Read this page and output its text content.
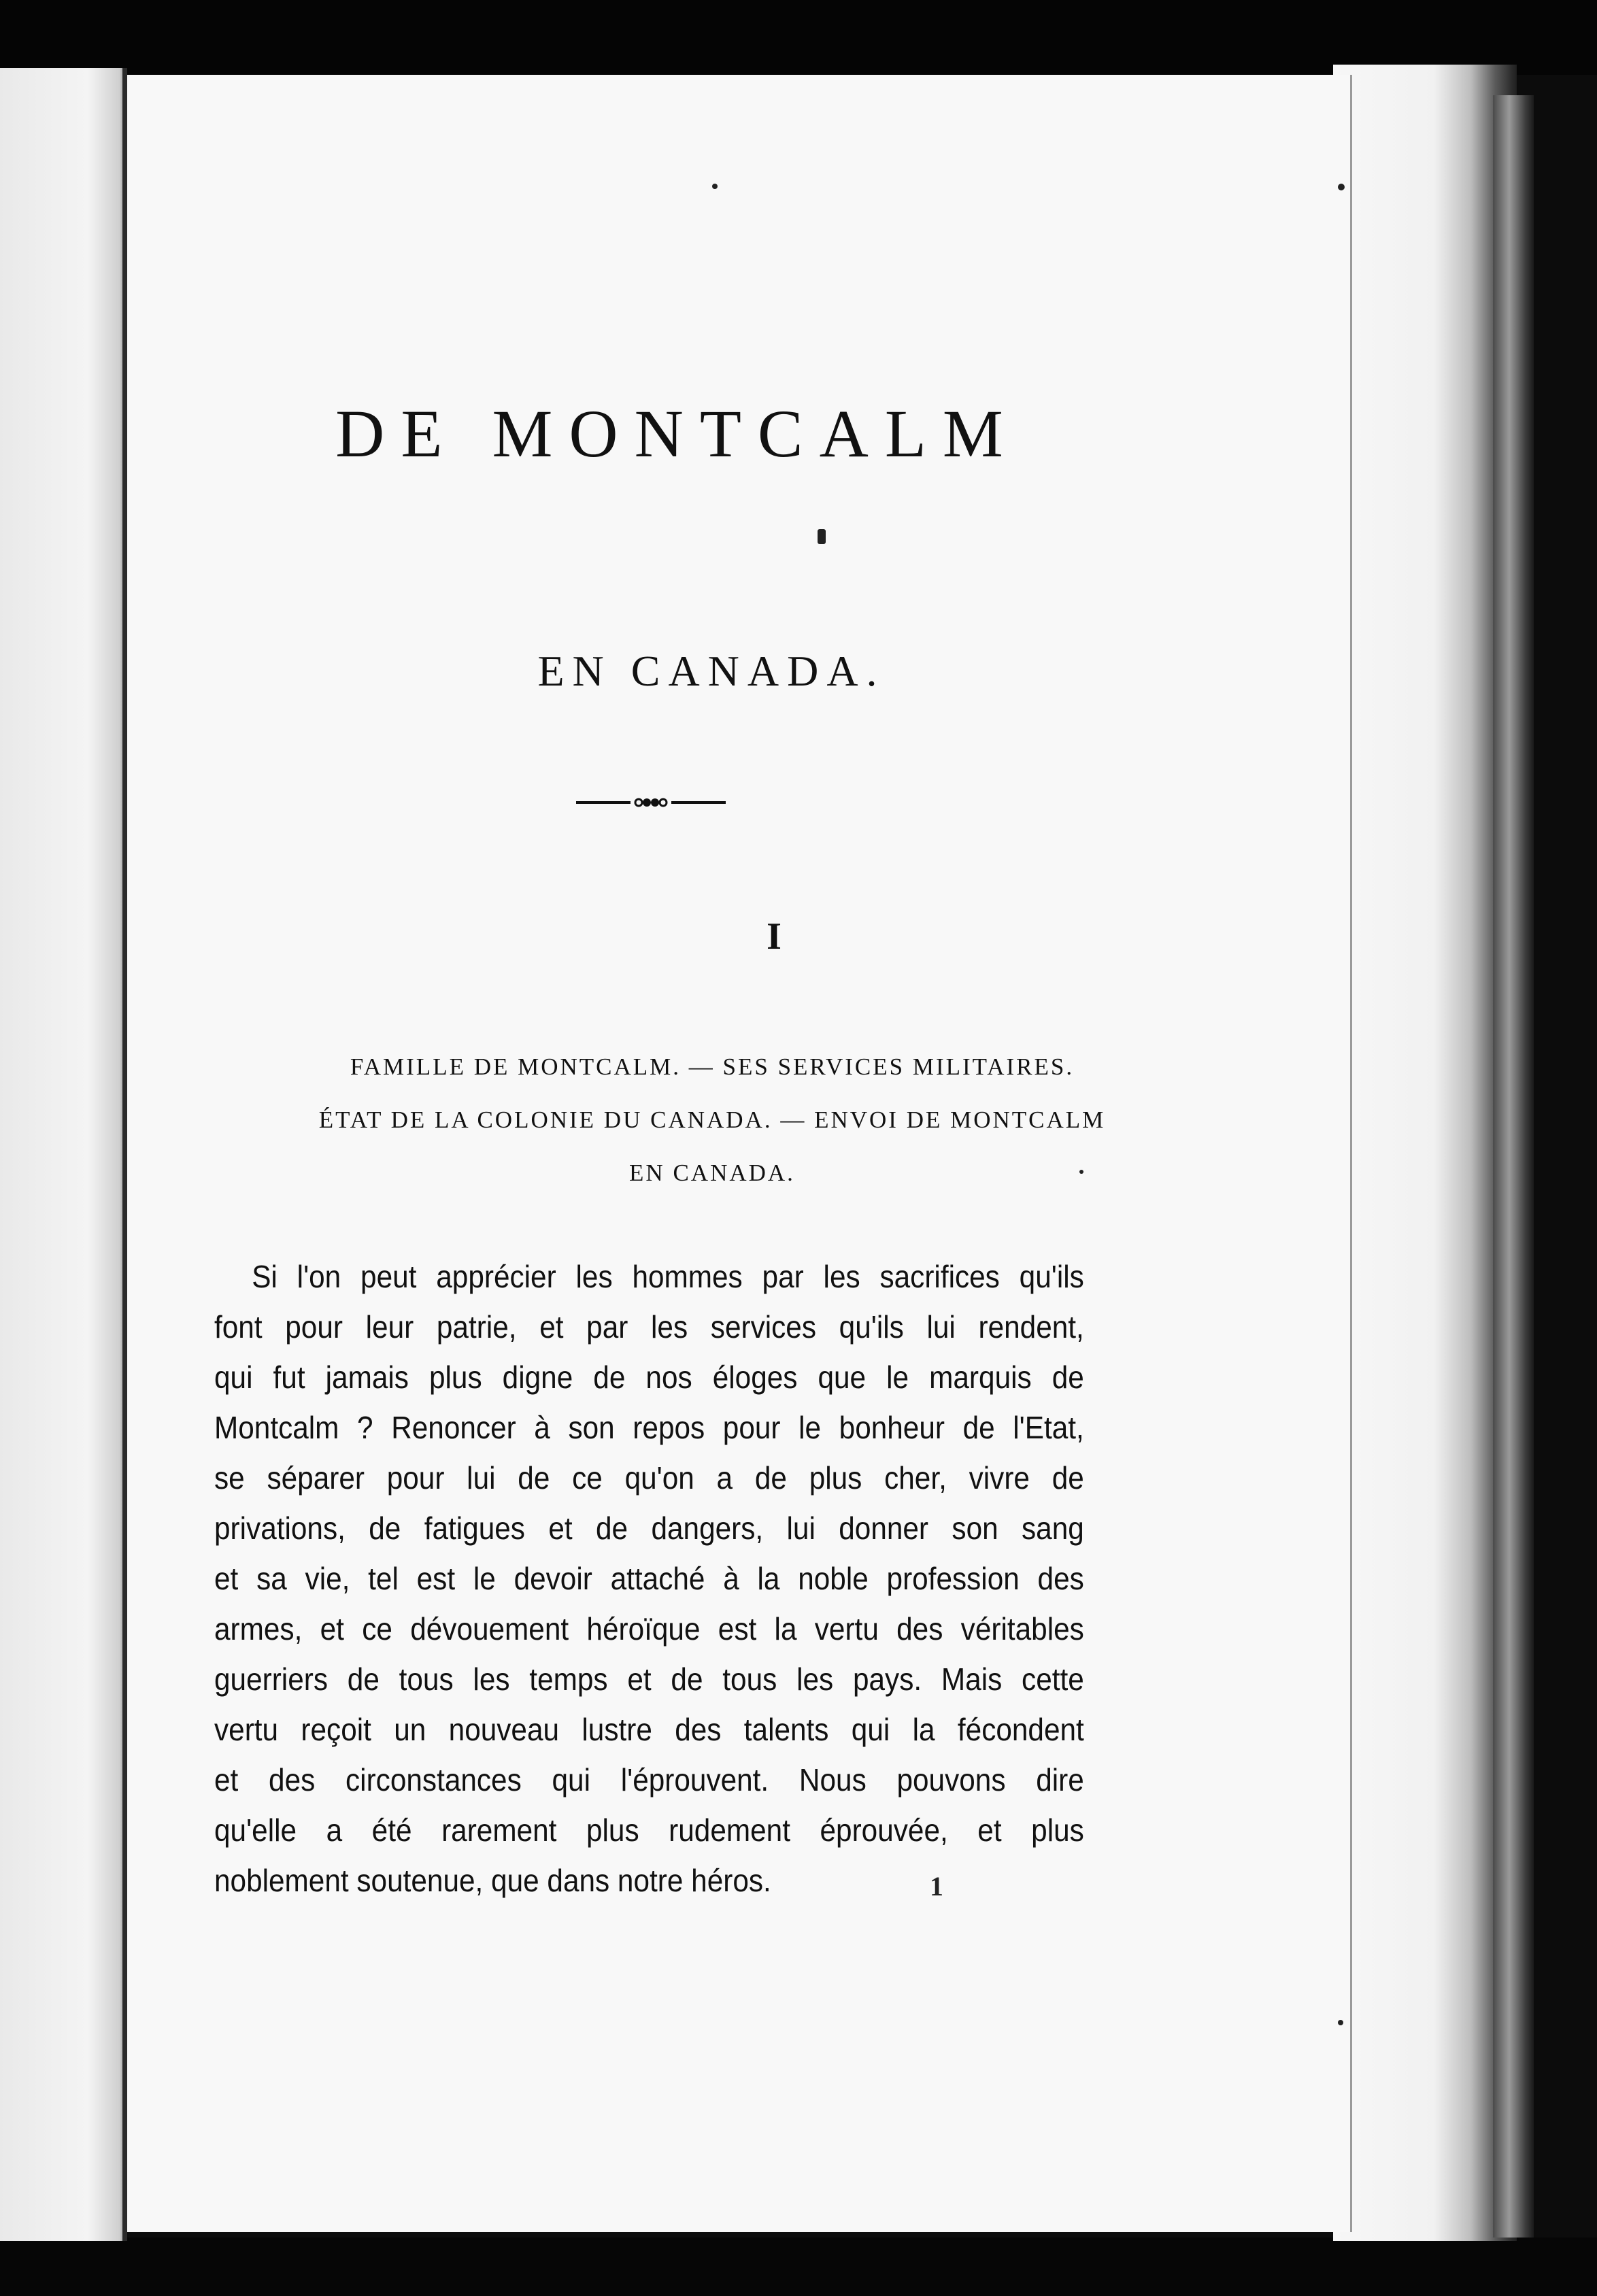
DE MONTCALM
EN CANADA.
I
FAMILLE DE MONTCALM. — SES SERVICES MILITAIRES.
ÉTAT DE LA COLONIE DU CANADA. — ENVOI DE MONTCALM
EN CANADA.
Si l'on peut apprécier les hommes par les sacrifices qu'ils
font pour leur patrie, et par les services qu'ils lui rendent,
qui fut jamais plus digne de nos éloges que le marquis de
Montcalm ? Renoncer à son repos pour le bonheur de l'Etat,
se séparer pour lui de ce qu'on a de plus cher, vivre de
privations, de fatigues et de dangers, lui donner son sang
et sa vie, tel est le devoir attaché à la noble profession des
armes, et ce dévouement héroïque est la vertu des véritables
guerriers de tous les temps et de tous les pays. Mais cette
vertu reçoit un nouveau lustre des talents qui la fécondent
et des circonstances qui l'éprouvent. Nous pouvons dire
qu'elle a été rarement plus rudement éprouvée, et plus
noblement soutenue, que dans notre héros.	1
